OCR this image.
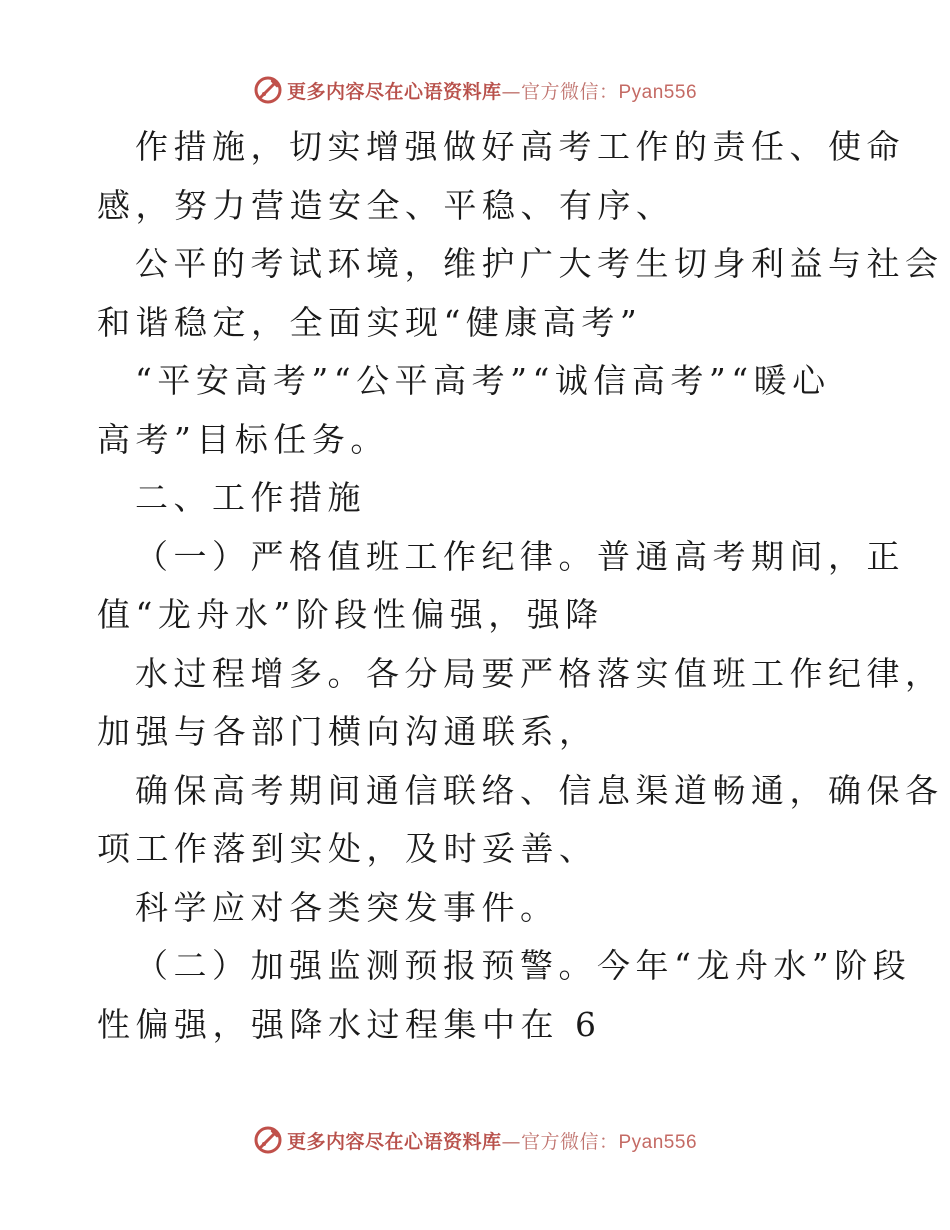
更多内容尽在心语资料库—官方微信：Pyan556
作措施，切实增强做好高考工作的责任、使命
感，努力营造安全、平稳、有序、
公平的考试环境，维护广大考生切身利益与社会
和谐稳定，全面实现“健康高考”
“平安高考”“公平高考”“诚信高考”“暖心
高考”目标任务。
二、工作措施
（一）严格值班工作纪律。普通高考期间，正
值“龙舟水”阶段性偏强，强降
水过程增多。各分局要严格落实值班工作纪律，
加强与各部门横向沟通联系，
确保高考期间通信联络、信息渠道畅通，确保各
项工作落到实处，及时妥善、
科学应对各类突发事件。
（二）加强监测预报预警。今年“龙舟水”阶段
性偏强，强降水过程集中在 6
更多内容尽在心语资料库—官方微信：Pyan556
